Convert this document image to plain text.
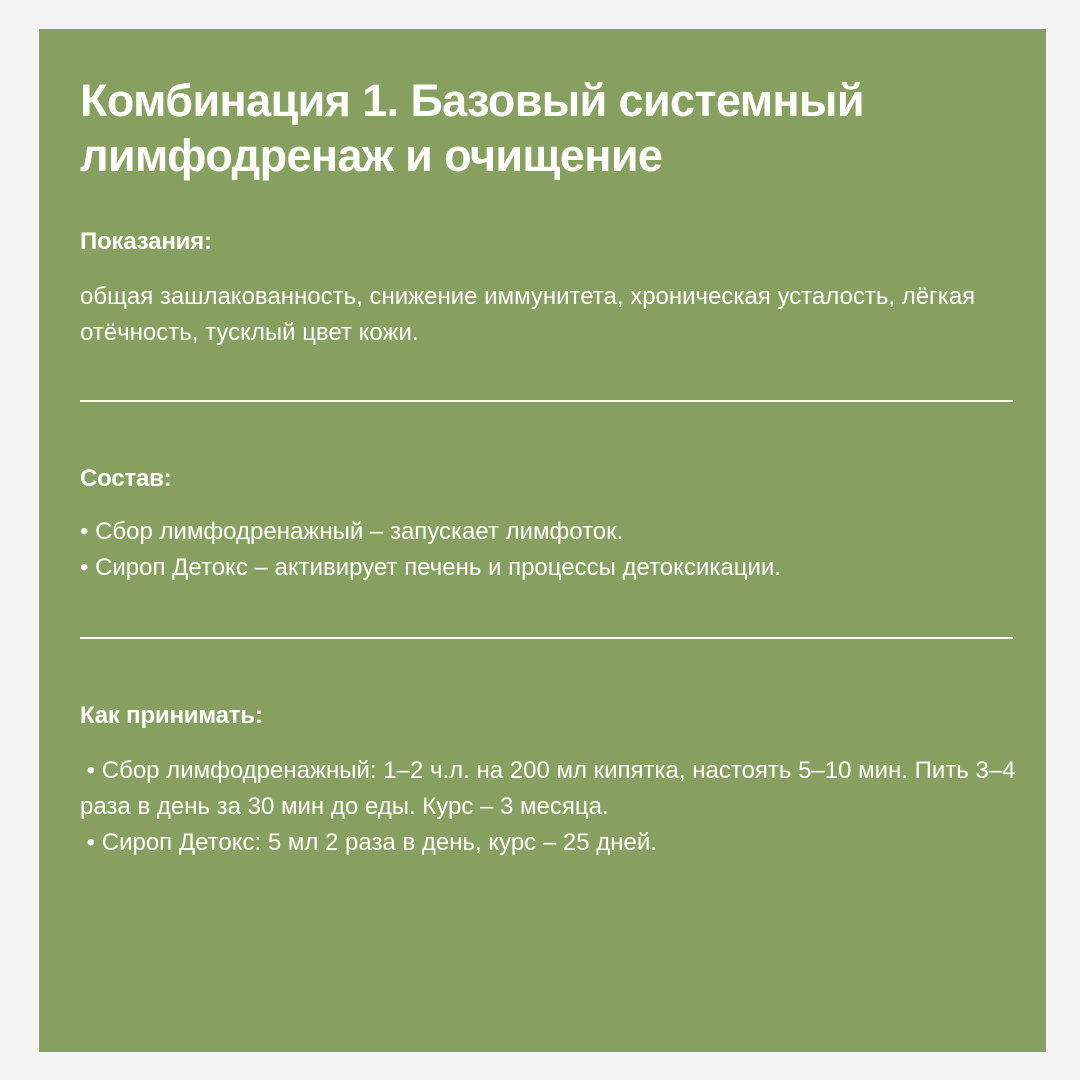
Комбинация 1. Базовый системный лимфодренаж и очищение
Показания:

общая зашлакованность, снижение иммунитета, хроническая усталость, лёгкая отёчность, тусклый цвет кожи.

Состав:

• Сбор лимфодренажный – запускает лимфоток.

• Сироп Детокс – активирует печень и процессы детоксикации.

Как принимать:

• Сбор лимфодренажный: 1–2 ч.л. на 200 мл кипятка, настоять 5–10 мин. Пить 3–4 раза в день за 30 мин до еды. Курс – 3 месяца.

• Сироп Детокс: 5 мл 2 раза в день, курс – 25 дней.
